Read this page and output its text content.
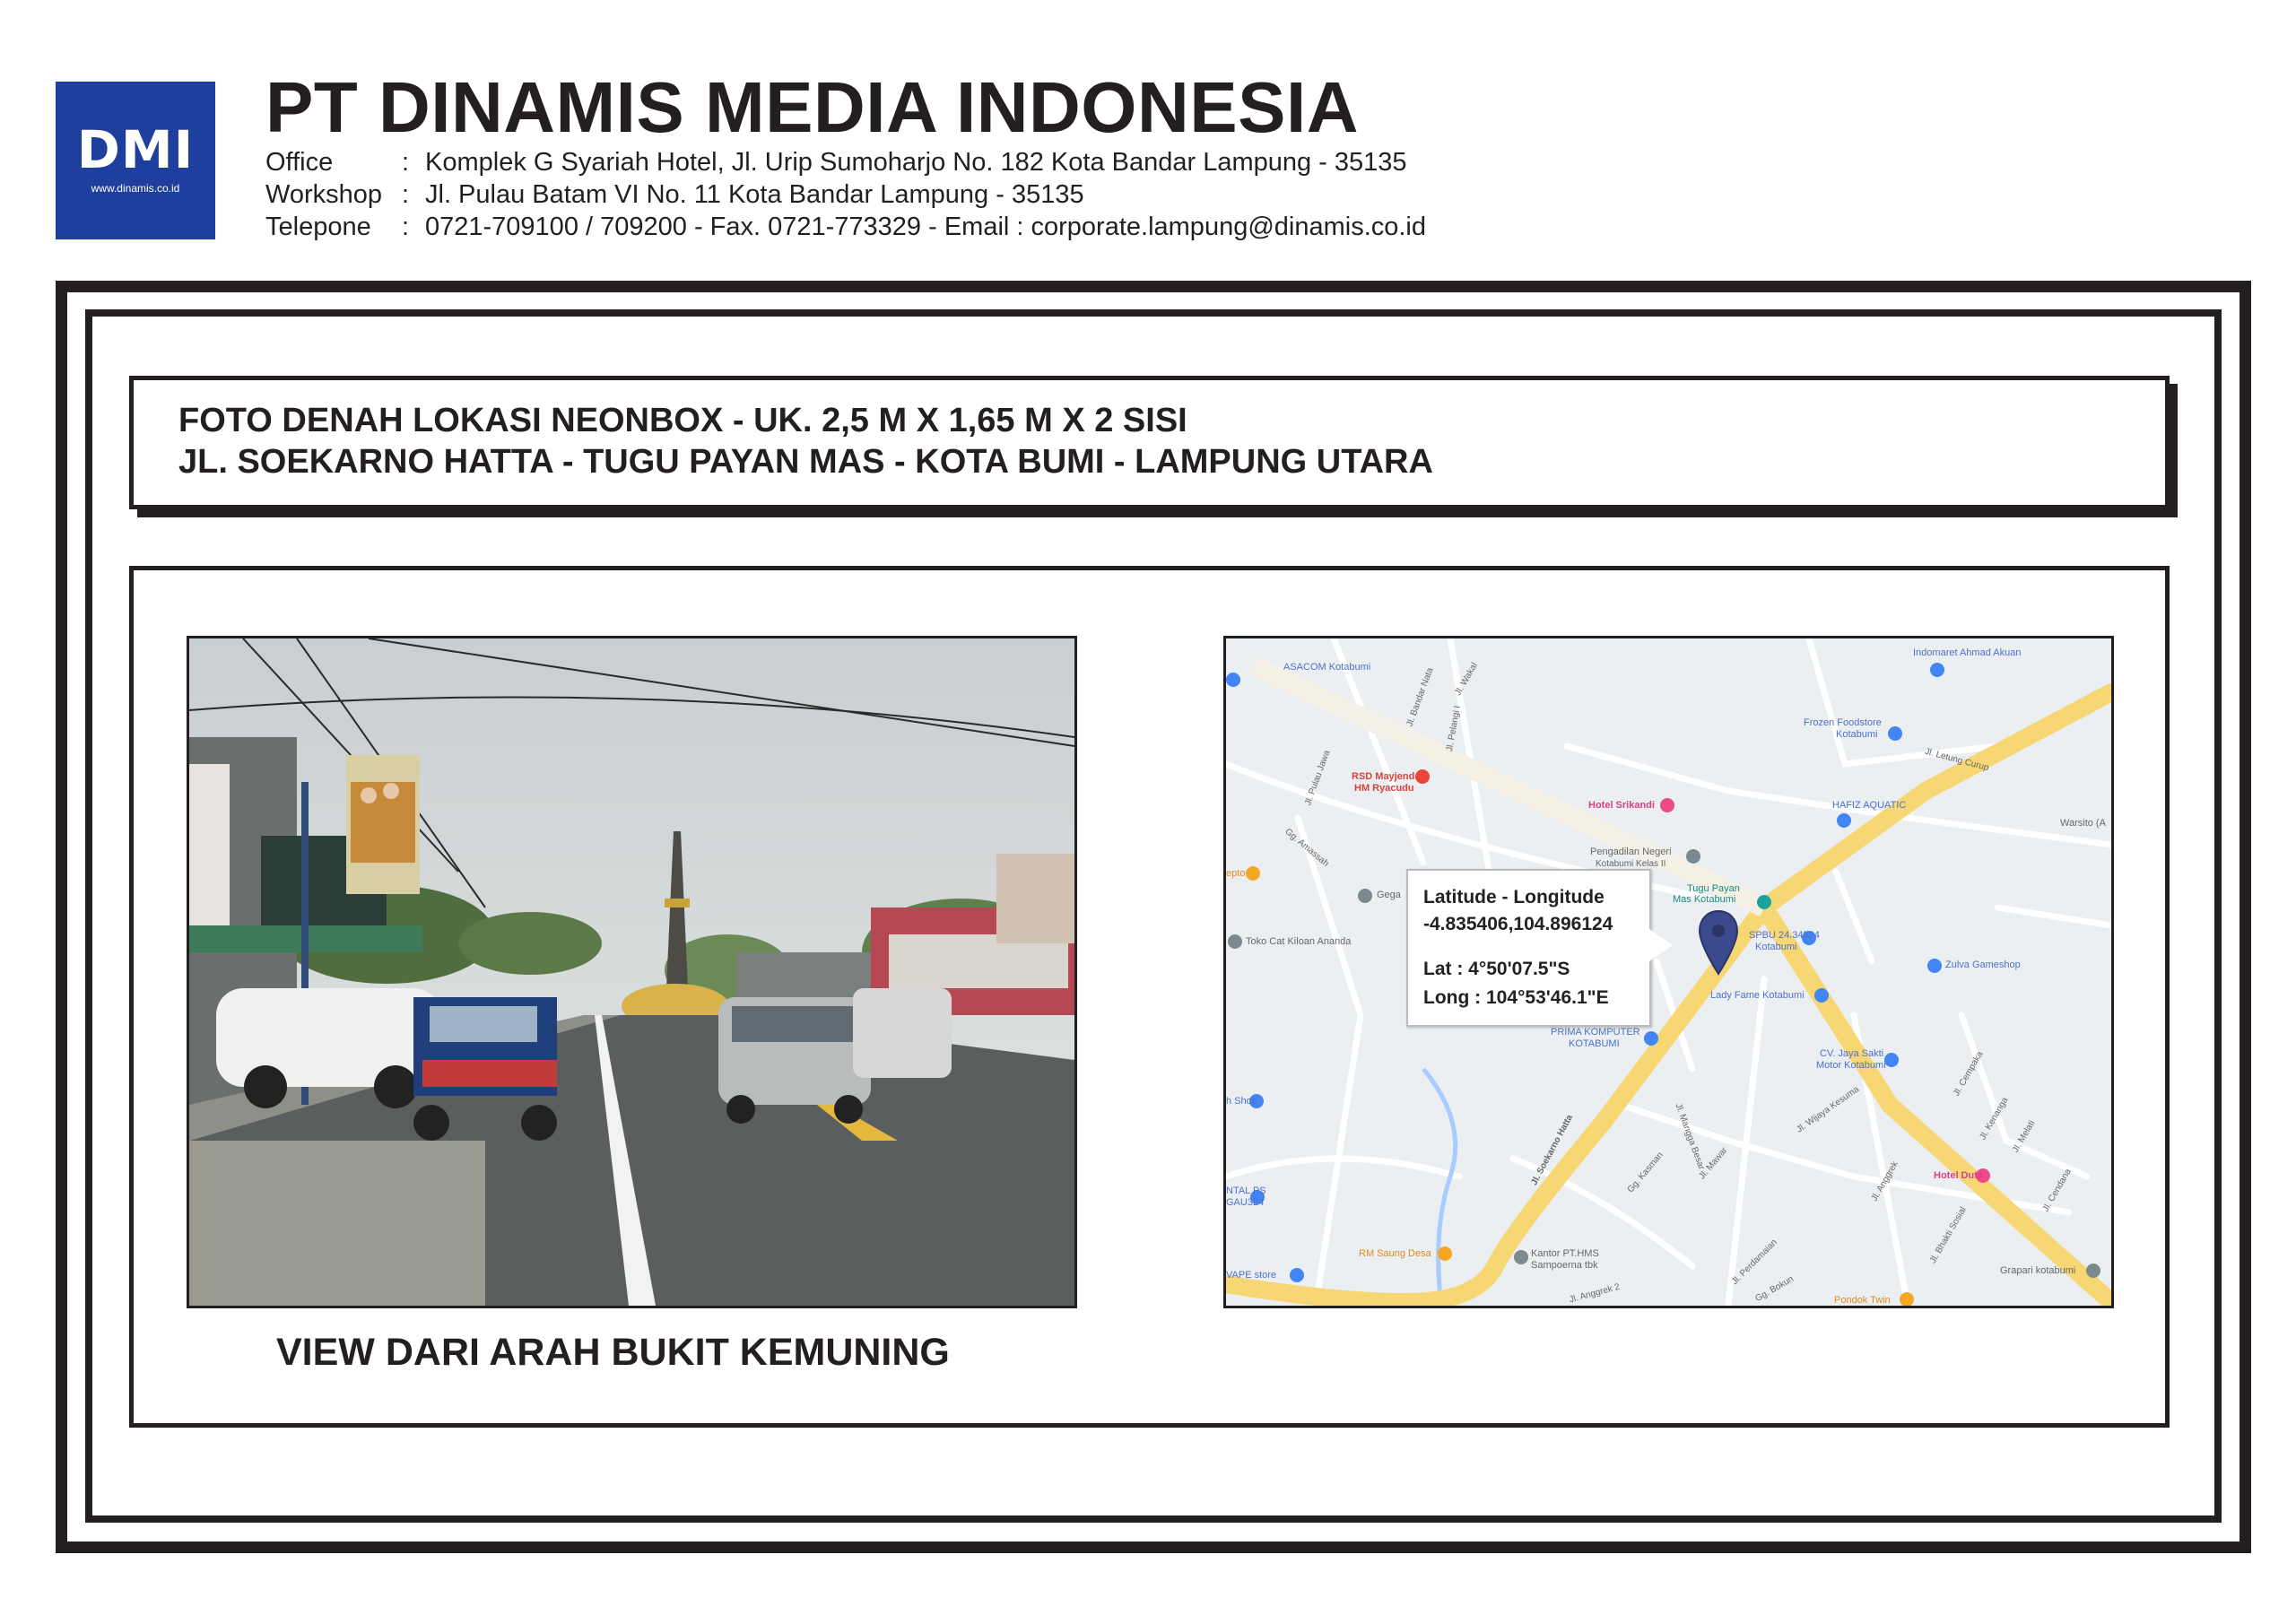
DMI
www.dinamis.co.id
PT DINAMIS MEDIA INDONESIA
Office	: Komplek G Syariah Hotel, Jl. Urip Sumoharjo No. 182 Kota Bandar Lampung - 35135
Workshop : Jl. Pulau Batam VI No. 11 Kota Bandar Lampung - 35135
Telepone : 0721-709100 / 709200 - Fax. 0721-773329 - Email : corporate.lampung@dinamis.co.id
FOTO DENAH LOKASI NEONBOX - UK. 2,5 M X 1,65 M X 2 SISI
JL. SOEKARNO HATTA - TUGU PAYAN MAS - KOTA BUMI - LAMPUNG UTARA
VIEW DARI ARAH BUKIT KEMUNING
ASACOM Kotabumi
Indomaret Ahmad Akuan
Frozen Foodstore
Kotabumi
RSD Mayjend
HM Ryacudu
Hotel Srikandi	HAFIZ AQUATIC
Warsito (A
Pengadilan Negeri
Kotabumi Kelas II
Tugu Payan
Mas Kotabumi
SPBU 24.34524
Kotabumi
Zulva Gameshop
Lady Fame Kotabumi
PRIMA KOMPUTER
KOTABUMI
CV. Jaya Sakti
Motor Kotabumi
Hotel Duta
Gega
Toko Cat Kiloan Ananda
epto
h Shop
NTAL PS
GAU324
RM Saung Desa	Kantor PT.HMS
Sampoerna tbk
VAPE store	Grapari kotabumi
Pondok Twin
Jl. Bandar Nata Jl. Wakal
Jl. Pelangi I
Jl. Pulau Jawa	Jl. Letung Curup
Jl. Soekarno Hatta	Gg. Kasman	Jl. Mawar
Jl. Mangga Besar	Jl. Wijaya Kesuma
Jl. Cempaka
Jl. Kenanga Jl. Melati
Jl. Cendana
Jl. Anggrek
Jl. Anggrek 2
Jl. Perdamaian
Gg. Bokun
Jl. Bhakti Sosial
Gg. Amassah
Latitude - Longitude
-4.835406,104.896124
Lat : 4°50'07.5"S
Long : 104°53'46.1"E
